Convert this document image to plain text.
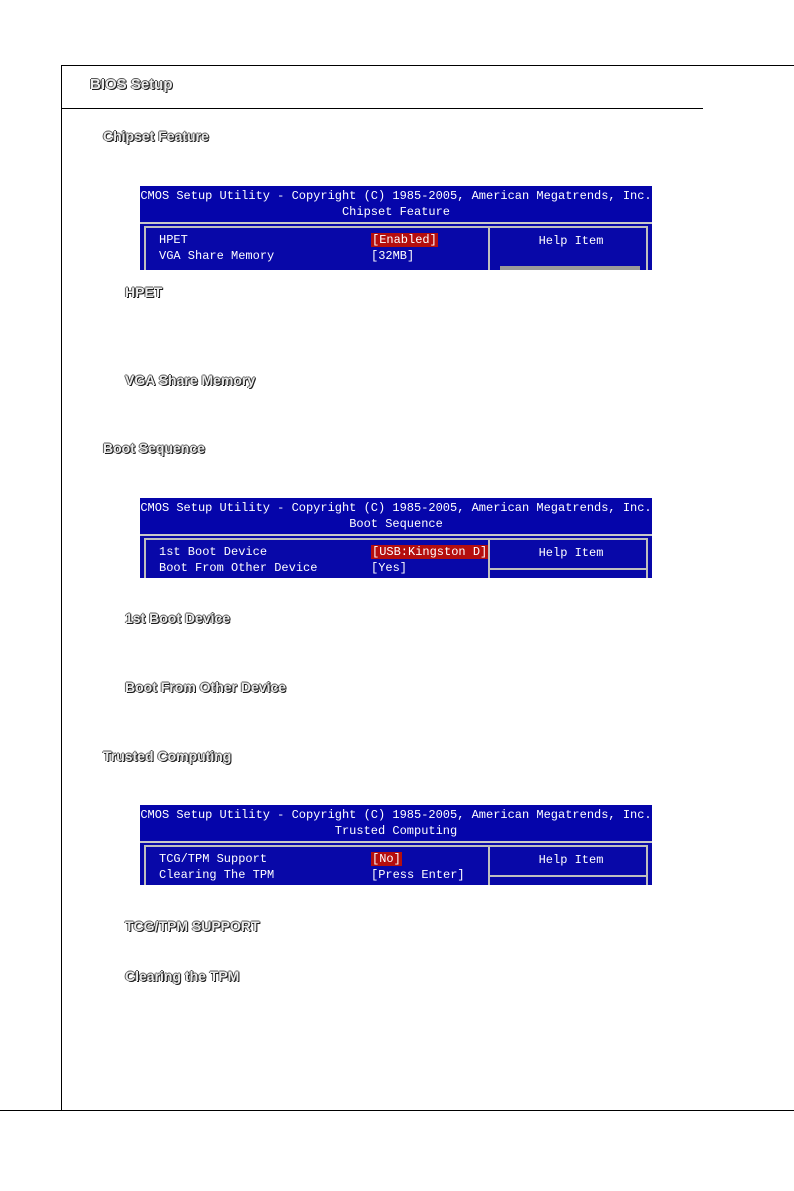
BIOS Setup
Chipset Feature
CMOS Setup Utility - Copyright (C) 1985-2005, American Megatrends, Inc.
Chipset Feature
HPET	[Enabled]
VGA Share Memory	[32MB]
Help Item
HPET
VGA Share Memory
Boot Sequence
CMOS Setup Utility - Copyright (C) 1985-2005, American Megatrends, Inc.
Boot Sequence
1st Boot Device	[USB:Kingston D]
Boot From Other Device	[Yes]
Help Item
1st Boot Device
Boot From Other Device
Trusted Computing
CMOS Setup Utility - Copyright (C) 1985-2005, American Megatrends, Inc.
Trusted Computing
TCG/TPM Support	[No]
Clearing The TPM	[Press Enter]
Help Item
TCG/TPM SUPPORT
Clearing the TPM
